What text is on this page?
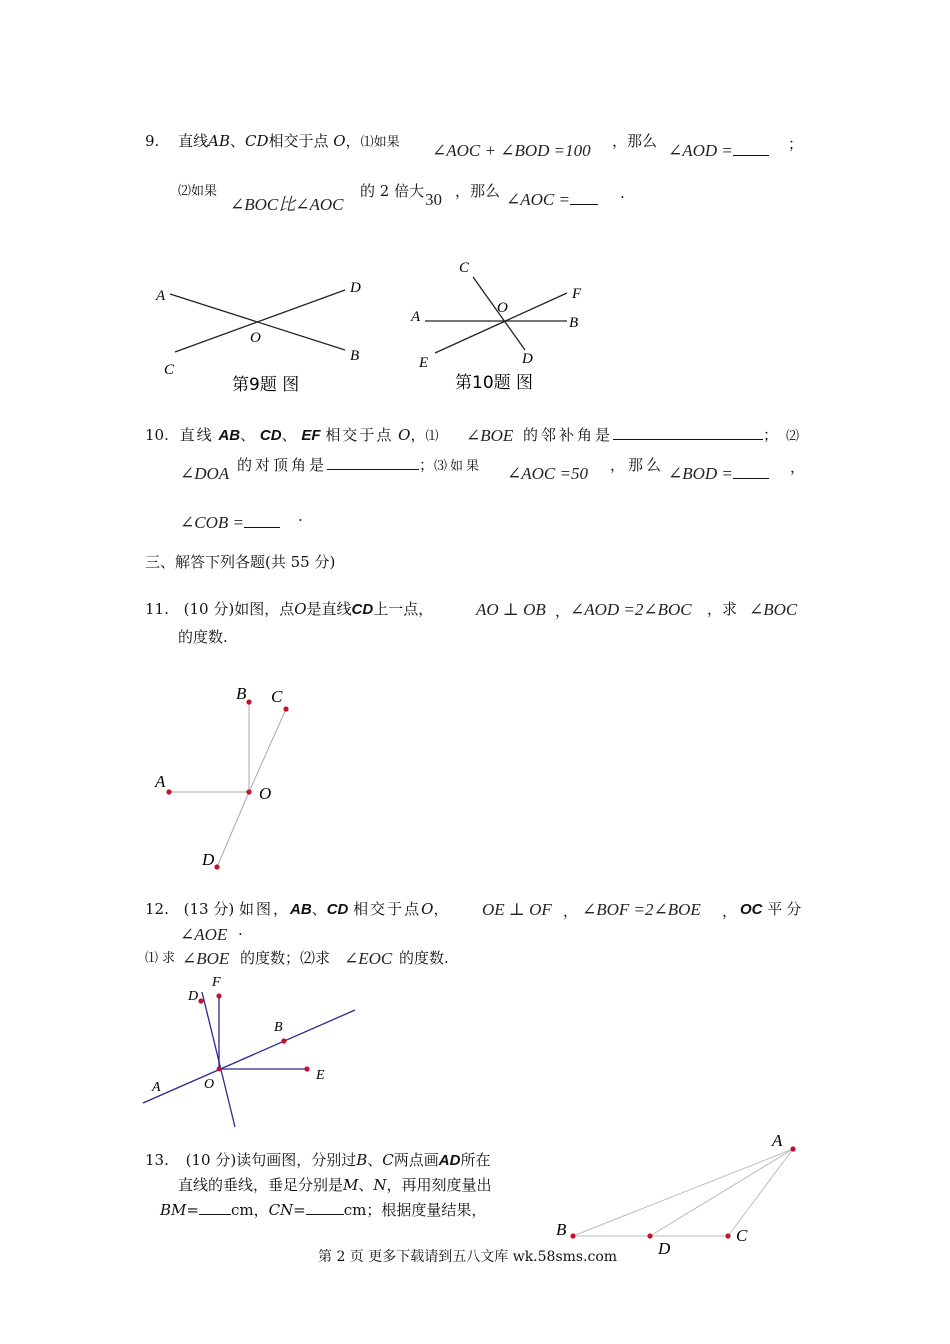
9. 直线AB、CD相交于点 O，⑴如果 ∠AOC + ∠BOD =100 ，那么 ∠AOD =	；
⑵如果
∠BOC比∠AOC
的 2 倍大 30 ，那么 ∠AOC =	.
A	D
O
C
B
第9题 图
C
F
O
A	B
E	D
第10题 图
10. 直线 AB、 CD、 EF 相交于点 O，⑴ ∠BOE 的邻补角是	； ⑵
∠DOA 的对顶角是	；⑶如果 ∠AOC =50 ，那么 ∠BOD =	，
∠COB =	.
三、解答下列各题(共 55 分)
11. (10 分)如图，点O是直线CD上一点，	AO ⊥ OB ， ∠AOD =2∠BOC ，求 ∠BOC
的度数.
B C
A
O
D
12. (13 分) 如图，AB、CD 相交于点O， OE ⊥ OF ， ∠BOF =2∠BOE ， OC 平分
∠AOE .
⑴ 求 ∠BOE 的度数；⑵求 ∠EOC 的度数.
D
F
B
E
A	O
13. (10 分)读句画图，分别过B、C两点画AD所在
直线的垂线，垂足分别是M、N，再用刻度量出
BM= cm，CN=	cm；根据度量结果，
A
B
D
C
第 2 页 更多下载请到五八文库 wk.58sms.com
